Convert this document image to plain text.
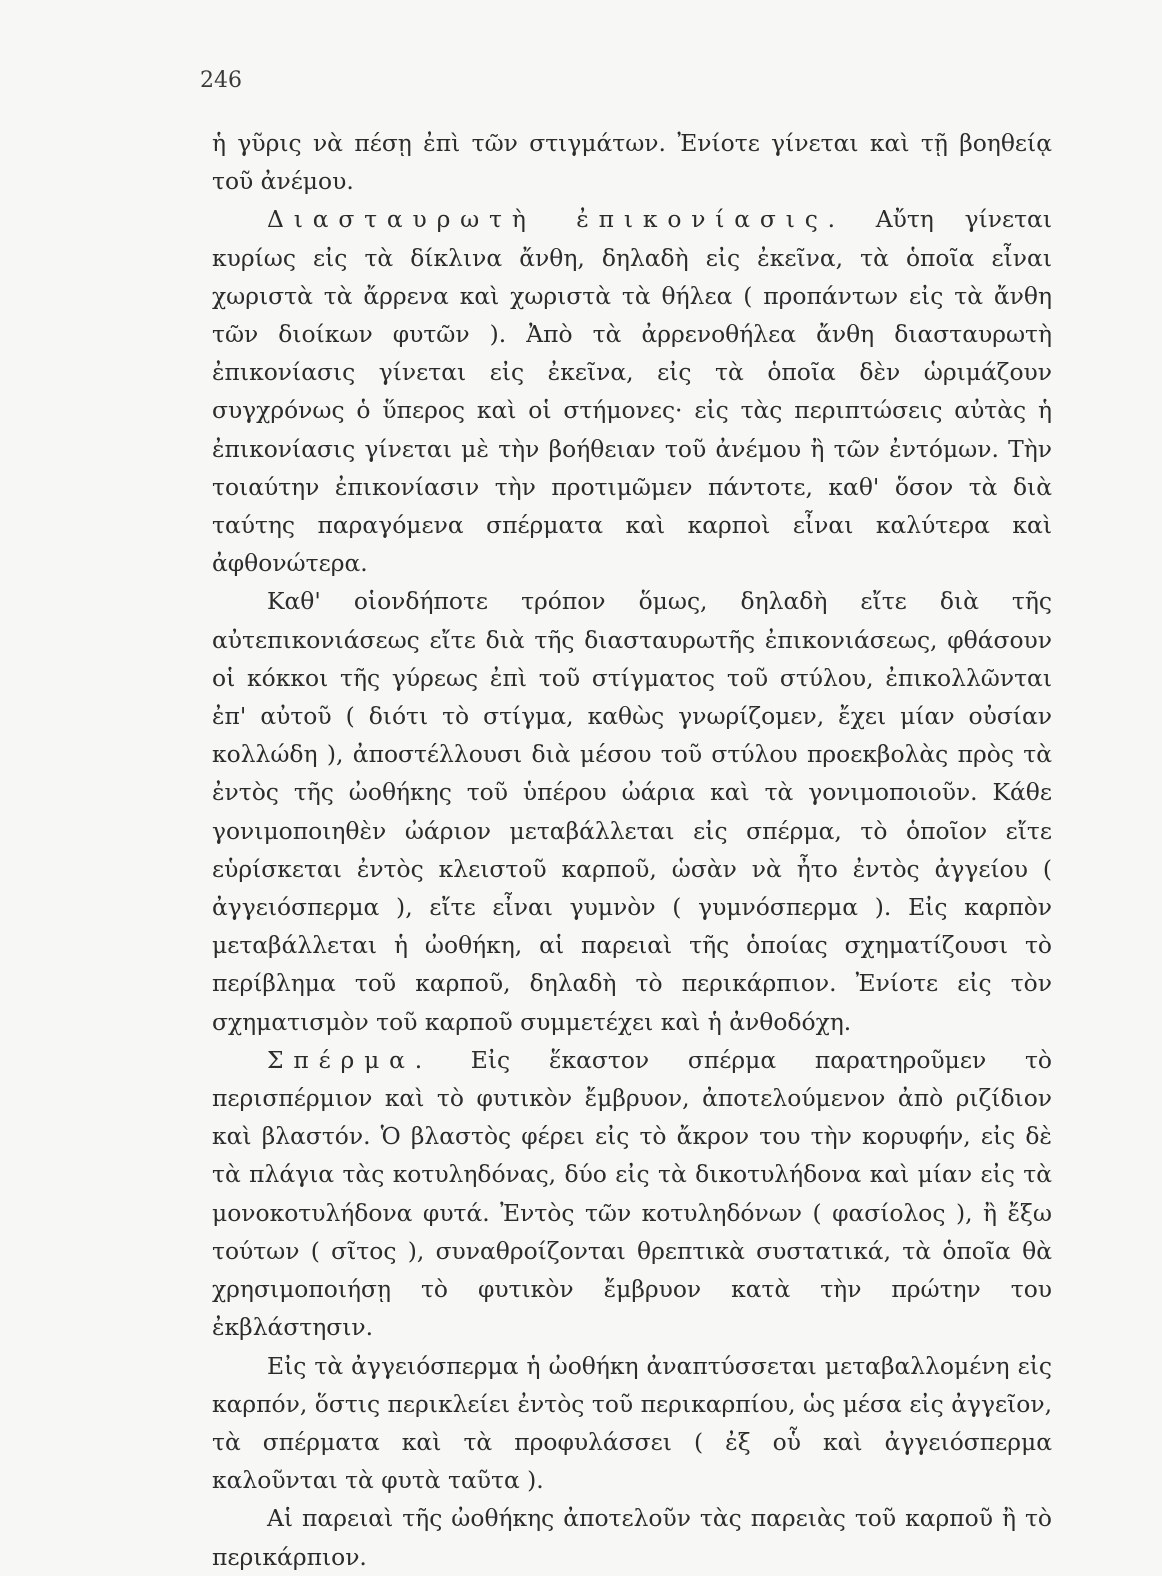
246

ἡ γῦρις νὰ πέσῃ ἐπὶ τῶν στιγμάτων. Ἐνίοτε γίνεται καὶ τῇ βοηθείᾳ τοῦ ἀνέμου.

Διασταυρωτὴ ἐπικονίασις. Αὔτη γίνεται κυρίως εἰς τὰ δίκλινα ἄνθη, δηλαδὴ εἰς ἐκεῖνα, τὰ ὁποῖα εἶναι χωριστὰ τὰ ἄρρενα καὶ χωριστὰ τὰ θήλεα ( προπάντων εἰς τὰ ἄνθη τῶν διοίκων φυτῶν ). Ἀπὸ τὰ ἀρρενοθήλεα ἄνθη διασταυρωτὴ ἐπικονίασις γίνεται εἰς ἐκεῖνα, εἰς τὰ ὁποῖα δὲν ὡριμάζουν συγχρόνως ὁ ὕπερος καὶ οἱ στήμονες· εἰς τὰς περιπτώσεις αὐτὰς ἡ ἐπικονίασις γίνεται μὲ τὴν βοήθειαν τοῦ ἀνέμου ἢ τῶν ἐντόμων. Τὴν τοιαύτην ἐπικονίασιν τὴν προτιμῶμεν πάντοτε, καθ' ὅσον τὰ διὰ ταύτης παραγόμενα σπέρματα καὶ καρποὶ εἶναι καλύτερα καὶ ἀφθονώτερα.

Καθ' οἱονδήποτε τρόπον ὅμως, δηλαδὴ εἴτε διὰ τῆς αὐτεπικονιάσεως εἴτε διὰ τῆς διασταυρωτῆς ἐπικονιάσεως, φθάσουν οἱ κόκκοι τῆς γύρεως ἐπὶ τοῦ στίγματος τοῦ στύλου, ἐπικολλῶνται ἐπ' αὐτοῦ ( διότι τὸ στίγμα, καθὼς γνωρίζομεν, ἔχει μίαν οὐσίαν κολλώδη ), ἀποστέλλουσι διὰ μέσου τοῦ στύλου προεκβολὰς πρὸς τὰ ἐντὸς τῆς ὠοθήκης τοῦ ὑπέρου ὠάρια καὶ τὰ γονιμοποιοῦν. Κάθε γονιμοποιηθὲν ὠάριον μεταβάλλεται εἰς σπέρμα, τὸ ὁποῖον εἴτε εὑρίσκεται ἐντὸς κλειστοῦ καρποῦ, ὡσὰν νὰ ἦτο ἐντὸς ἀγγείου ( ἀγγειόσπερμα ), εἴτε εἶναι γυμνὸν ( γυμνόσπερμα ). Εἰς καρπὸν μεταβάλλεται ἡ ὠοθήκη, αἱ παρειαὶ τῆς ὁποίας σχηματίζουσι τὸ περίβλημα τοῦ καρποῦ, δηλαδὴ τὸ περικάρπιον. Ἐνίοτε εἰς τὸν σχηματισμὸν τοῦ καρποῦ συμμετέχει καὶ ἡ ἀνθοδόχη.

Σπέρμα. Εἰς ἕκαστον σπέρμα παρατηροῦμεν τὸ περισπέρμιον καὶ τὸ φυτικὸν ἔμβρυον, ἀποτελούμενον ἀπὸ ριζίδιον καὶ βλαστόν. Ὁ βλαστὸς φέρει εἰς τὸ ἄκρον του τὴν κορυφήν, εἰς δὲ τὰ πλάγια τὰς κοτυληδόνας, δύο εἰς τὰ δικοτυλήδονα καὶ μίαν εἰς τὰ μονοκοτυλήδονα φυτά. Ἐντὸς τῶν κοτυληδόνων ( φασίολος ), ἢ ἔξω τούτων ( σῖτος ), συναθροίζονται θρεπτικὰ συστατικά, τὰ ὁποῖα θὰ χρησιμοποιήσῃ τὸ φυτικὸν ἔμβρυον κατὰ τὴν πρώτην του ἐκβλάστησιν.

Εἰς τὰ ἀγγειόσπερμα ἡ ὠοθήκη ἀναπτύσσεται μεταβαλλομένη εἰς καρπόν, ὅστις περικλείει ἐντὸς τοῦ περικαρπίου, ὡς μέσα εἰς ἀγγεῖον, τὰ σπέρματα καὶ τὰ προφυλάσσει ( ἐξ οὗ καὶ ἀγγειόσπερμα καλοῦνται τὰ φυτὰ ταῦτα ).

Αἱ παρειαὶ τῆς ὠοθήκης ἀποτελοῦν τὰς παρειὰς τοῦ καρποῦ ἢ τὸ περικάρπιον.
